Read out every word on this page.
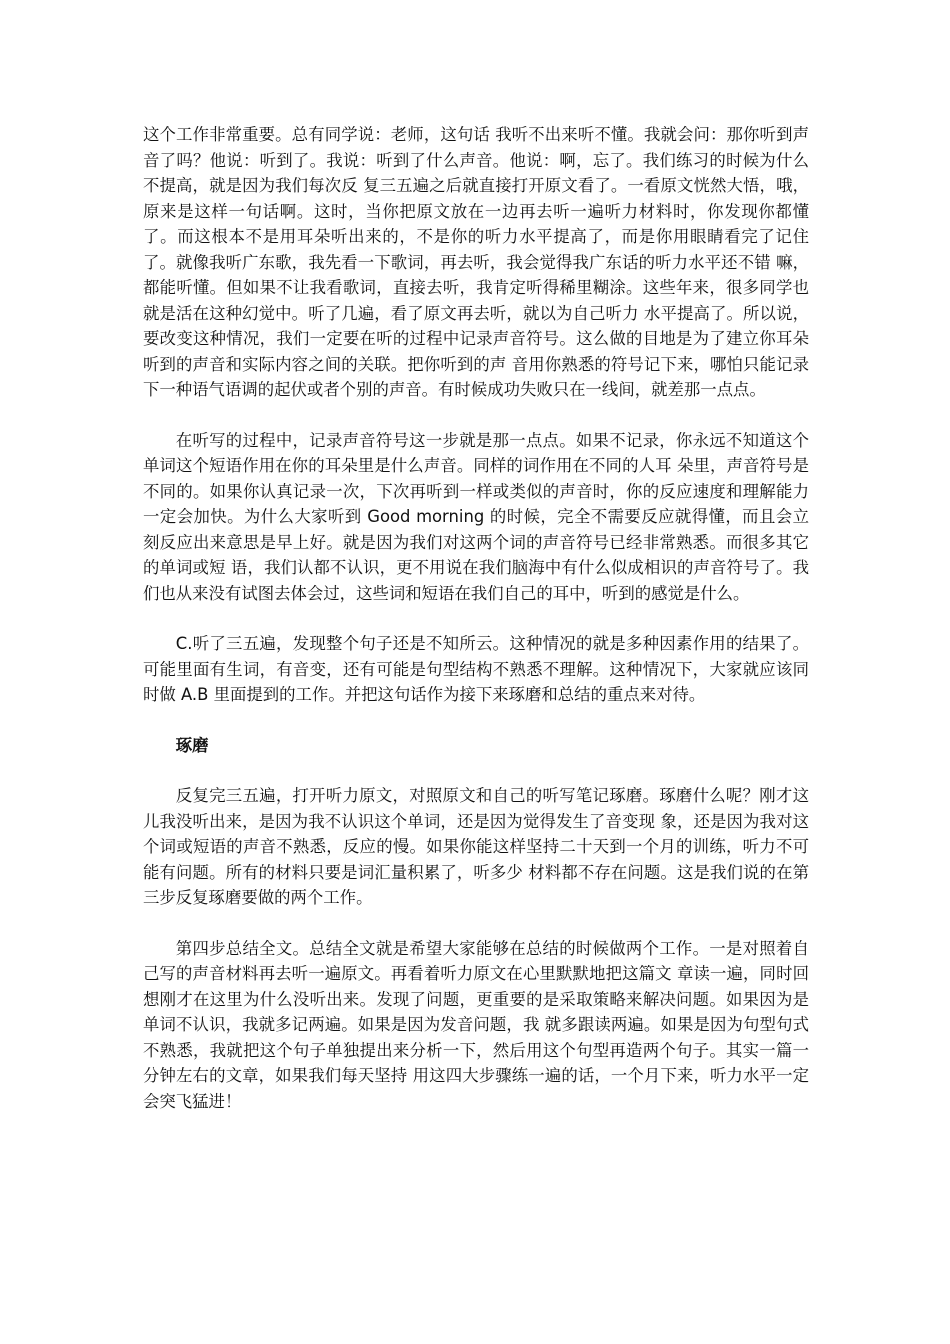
这个工作非常重要。总有同学说：老师，这句话 我听不出来听不懂。我就会问：那你听到声音了吗？他说：听到了。我说：听到了什么声音。他说：啊，忘了。我们练习的时候为什么不提高，就是因为我们每次反 复三五遍之后就直接打开原文看了。一看原文恍然大悟，哦，原来是这样一句话啊。这时，当你把原文放在一边再去听一遍听力材料时，你发现你都懂了。而这根本不是用耳朵听出来的，不是你的听力水平提高了，而是你用眼睛看完了记住了。就像我听广东歌，我先看一下歌词，再去听，我会觉得我广东话的听力水平还不错 嘛，都能听懂。但如果不让我看歌词，直接去听，我肯定听得稀里糊涂。这些年来，很多同学也就是活在这种幻觉中。听了几遍，看了原文再去听，就以为自己听力 水平提高了。所以说，要改变这种情况，我们一定要在听的过程中记录声音符号。这么做的目地是为了建立你耳朵听到的声音和实际内容之间的关联。把你听到的声 音用你熟悉的符号记下来，哪怕只能记录下一种语气语调的起伏或者个别的声音。有时候成功失败只在一线间，就差那一点点。

在听写的过程中，记录声音符号这一步就是那一点点。如果不记录，你永远不知道这个单词这个短语作用在你的耳朵里是什么声音。同样的词作用在不同的人耳 朵里，声音符号是不同的。如果你认真记录一次，下次再听到一样或类似的声音时，你的反应速度和理解能力一定会加快。为什么大家听到 Good morning 的时候，完全不需要反应就得懂，而且会立刻反应出来意思是早上好。就是因为我们对这两个词的声音符号已经非常熟悉。而很多其它的单词或短 语，我们认都不认识，更不用说在我们脑海中有什么似成相识的声音符号了。我们也从来没有试图去体会过，这些词和短语在我们自己的耳中，听到的感觉是什么。

C.听了三五遍，发现整个句子还是不知所云。这种情况的就是多种因素作用的结果了。可能里面有生词，有音变，还有可能是句型结构不熟悉不理解。这种情况下，大家就应该同时做 A.B 里面提到的工作。并把这句话作为接下来琢磨和总结的重点来对待。

琢磨

反复完三五遍，打开听力原文，对照原文和自己的听写笔记琢磨。琢磨什么呢？刚才这儿我没听出来，是因为我不认识这个单词，还是因为觉得发生了音变现 象，还是因为我对这个词或短语的声音不熟悉，反应的慢。如果你能这样坚持二十天到一个月的训练，听力不可能有问题。所有的材料只要是词汇量积累了，听多少 材料都不存在问题。这是我们说的在第三步反复琢磨要做的两个工作。

第四步总结全文。总结全文就是希望大家能够在总结的时候做两个工作。一是对照着自己写的声音材料再去听一遍原文。再看着听力原文在心里默默地把这篇文 章读一遍，同时回想刚才在这里为什么没听出来。发现了问题，更重要的是采取策略来解决问题。如果因为是单词不认识，我就多记两遍。如果是因为发音问题，我 就多跟读两遍。如果是因为句型句式不熟悉，我就把这个句子单独提出来分析一下，然后用这个句型再造两个句子。其实一篇一分钟左右的文章，如果我们每天坚持 用这四大步骤练一遍的话，一个月下来，听力水平一定会突飞猛进！
